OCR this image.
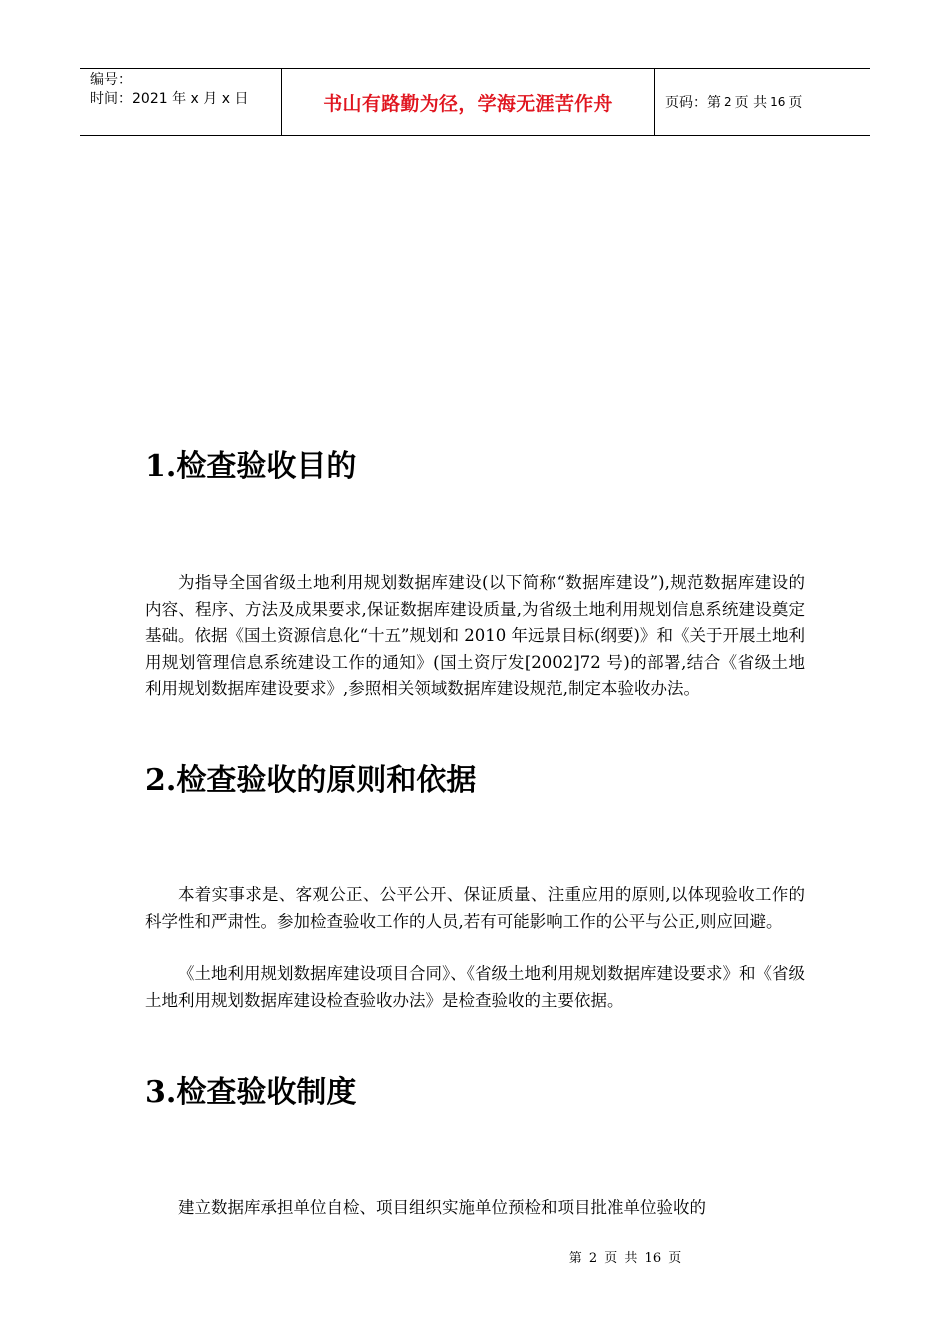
编号：
时间：2021 年 x 月 x 日	书山有路勤为径，学海无涯苦作舟	页码：第 2 页 共 16 页
1.检查验收目的

为指导全国省级土地利用规划数据库建设(以下简称“数据库建设”),规范数据库建设的内容、程序、方法及成果要求,保证数据库建设质量,为省级土地利用规划信息系统建设奠定基础。依据《国土资源信息化“十五”规划和 2010 年远景目标(纲要)》和《关于开展土地利用规划管理信息系统建设工作的通知》(国土资厅发[2002]72 号)的部署,结合《省级土地利用规划数据库建设要求》,参照相关领域数据库建设规范,制定本验收办法。

2.检查验收的原则和依据

本着实事求是、客观公正、公平公开、保证质量、注重应用的原则,以体现验收工作的科学性和严肃性。参加检查验收工作的人员,若有可能影响工作的公平与公正,则应回避。

《土地利用规划数据库建设项目合同》、《省级土地利用规划数据库建设要求》和《省级土地利用规划数据库建设检查验收办法》是检查验收的主要依据。

3.检查验收制度

建立数据库承担单位自检、项目组织实施单位预检和项目批准单位验收的

第 2 页 共 16 页
